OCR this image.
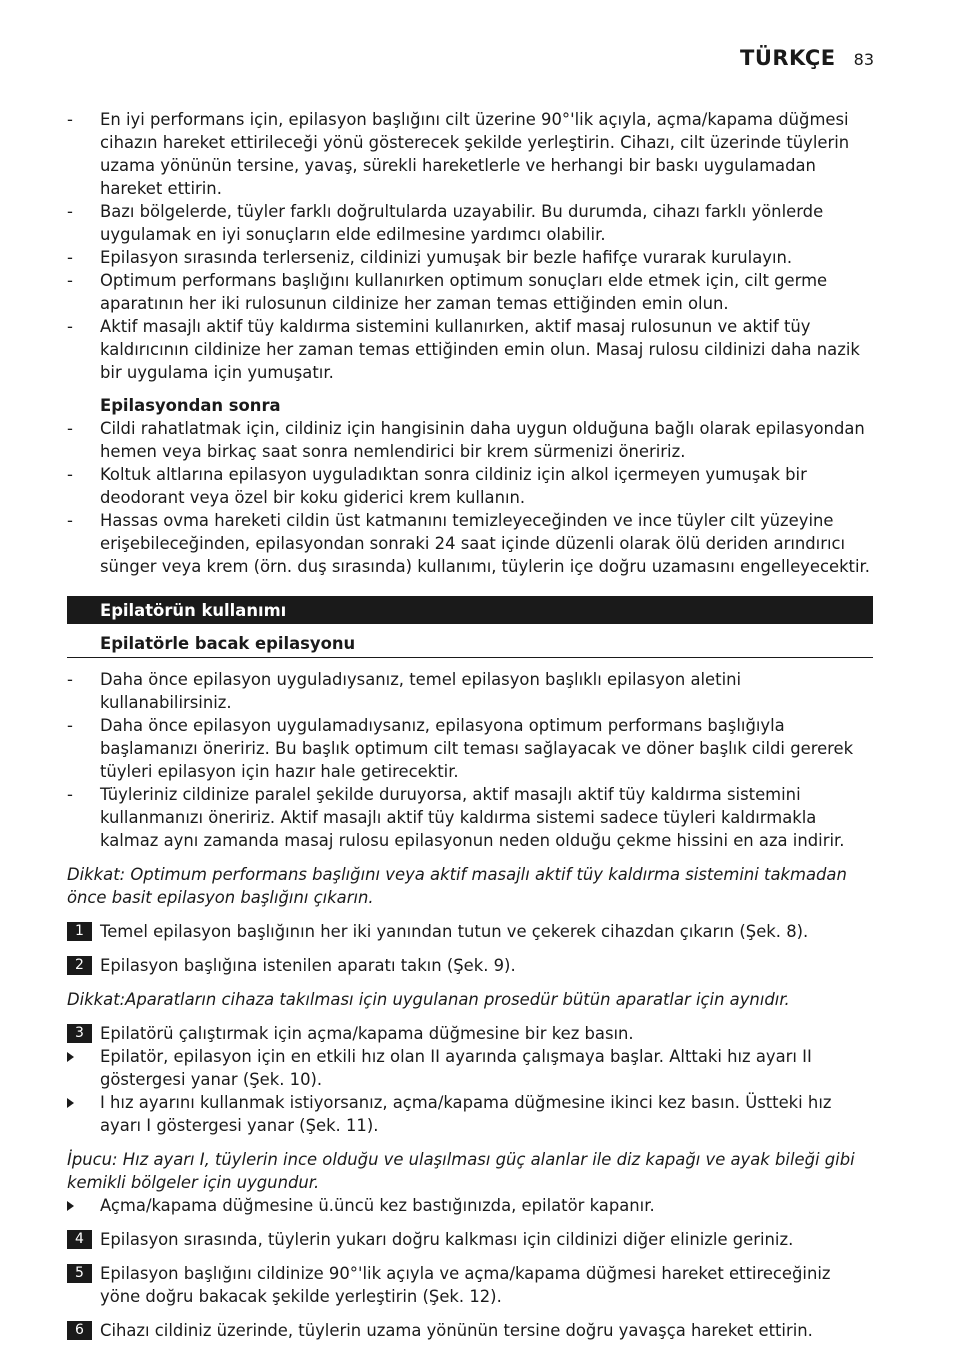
TÜRKÇE 83
- En iyi performans için, epilasyon başlığını cilt üzerine 90°'lik açıyla, açma/kapama düğmesi cihazın hareket ettirileceği yönü gösterecek şekilde yerleştirin. Cihazı, cilt üzerinde tüylerin uzama yönünün tersine, yavaş, sürekli hareketlerle ve herhangi bir baskı uygulamadan hareket ettirin.
- Bazı bölgelerde, tüyler farklı doğrultularda uzayabilir. Bu durumda, cihazı farklı yönlerde uygulamak en iyi sonuçların elde edilmesine yardımcı olabilir.
- Epilasyon sırasında terlerseniz, cildinizi yumuşak bir bezle hafifçe vurarak kurulayın.
- Optimum performans başlığını kullanırken optimum sonuçları elde etmek için, cilt germe aparatının her iki rulosunun cildinize her zaman temas ettiğinden emin olun.
- Aktif masajlı aktif tüy kaldırma sistemini kullanırken, aktif masaj rulosunun ve aktif tüy kaldırıcının cildinize her zaman temas ettiğinden emin olun. Masaj rulosu cildinizi daha nazik bir uygulama için yumuşatır.
Epilasyondan sonra
- Cildi rahatlatmak için, cildiniz için hangisinin daha uygun olduğuna bağlı olarak epilasyondan hemen veya birkaç saat sonra nemlendirici bir krem sürmenizi öneririz.
- Koltuk altlarına epilasyon uyguladıktan sonra cildiniz için alkol içermeyen yumuşak bir deodorant veya özel bir koku giderici krem kullanın.
- Hassas ovma hareketi cildin üst katmanını temizleyeceğinden ve ince tüyler cilt yüzeyine erişebileceğinden, epilasyondan sonraki 24 saat içinde düzenli olarak ölü deriden arındırıcı sünger veya krem (örn. duş sırasında) kullanımı, tüylerin içe doğru uzamasını engelleyecektir.
Epilatörün kullanımı
Epilatörle bacak epilasyonu
- Daha önce epilasyon uyguladıysanız, temel epilasyon başlıklı epilasyon aletini kullanabilirsiniz.
- Daha önce epilasyon uygulamadıysanız, epilasyona optimum performans başlığıyla başlamanızı öneririz. Bu başlık optimum cilt teması sağlayacak ve döner başlık cildi gererek tüyleri epilasyon için hazır hale getirecektir.
- Tüyleriniz cildinize paralel şekilde duruyorsa, aktif masajlı aktif tüy kaldırma sistemini kullanmanızı öneririz. Aktif masajlı aktif tüy kaldırma sistemi sadece tüyleri kaldırmakla kalmaz aynı zamanda masaj rulosu epilasyonun neden olduğu çekme hissini en aza indirir.
Dikkat: Optimum performans başlığını veya aktif masajlı aktif tüy kaldırma sistemini takmadan önce basit epilasyon başlığını çıkarın.
1 Temel epilasyon başlığının her iki yanından tutun ve çekerek cihazdan çıkarın (Şek. 8).
2 Epilasyon başlığına istenilen aparatı takın (Şek. 9).
Dikkat:Aparatların cihaza takılması için uygulanan prosedür bütün aparatlar için aynıdır.
3 Epilatörü çalıştırmak için açma/kapama düğmesine bir kez basın.
Epilatör, epilasyon için en etkili hız olan II ayarında çalışmaya başlar. Alttaki hız ayarı II göstergesi yanar (Şek. 10).
I hız ayarını kullanmak istiyorsanız, açma/kapama düğmesine ikinci kez basın. Üstteki hız ayarı I göstergesi yanar (Şek. 11).
İpucu: Hız ayarı I, tüylerin ince olduğu ve ulaşılması güç alanlar ile diz kapağı ve ayak bileği gibi kemikli bölgeler için uygundur.
Açma/kapama düğmesine ü.üncü kez bastığınızda, epilatör kapanır.
4 Epilasyon sırasında, tüylerin yukarı doğru kalkması için cildinizi diğer elinizle geriniz.
5 Epilasyon başlığını cildinize 90°'lik açıyla ve açma/kapama düğmesi hareket ettireceğiniz yöne doğru bakacak şekilde yerleştirin (Şek. 12).
6 Cihazı cildiniz üzerinde, tüylerin uzama yönünün tersine doğru yavaşça hareket ettirin.
